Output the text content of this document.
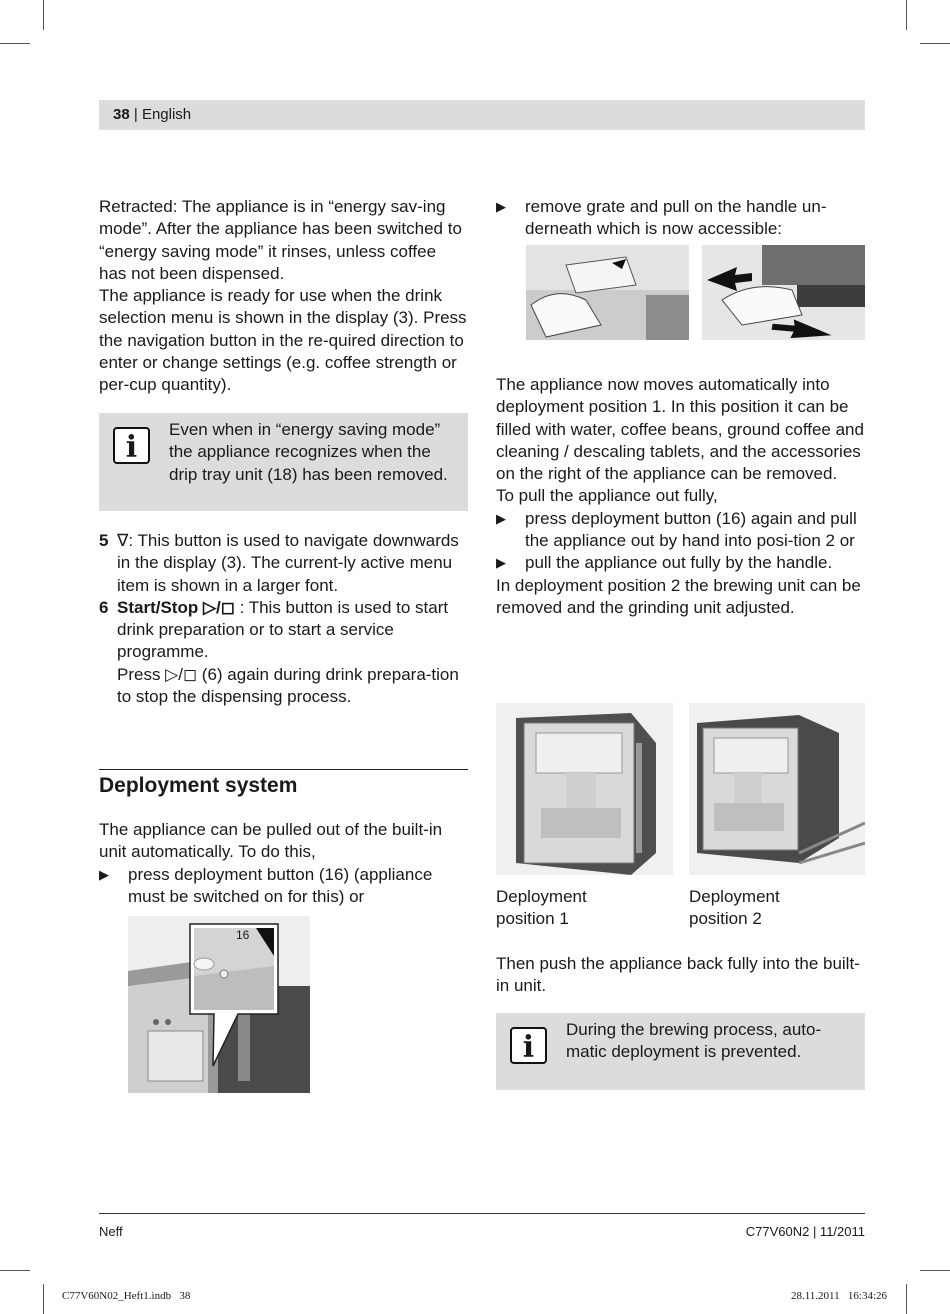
38 | English

Retracted: The appliance is in “energy sav-ing mode”. After the appliance has been switched to “energy saving mode” it rinses, unless coffee has not been dispensed.

The appliance is ready for use when the drink selection menu is shown in the display (3). Press the navigation button in the re-quired direction to enter or change settings (e.g. coffee strength or per-cup quantity).

i
Even when in “energy saving mode” the appliance recognizes when the drip tray unit (18) has been removed.
5 ∇: This button is used to navigate downwards in the display (3). The current-ly active menu item is shown in a larger font.
6 Start/Stop ▷/◻ : This button is used to start drink preparation or to start a service programme.
Press ▷/◻ (6) again during drink prepara-tion to stop the dispensing process.
Deployment system

The appliance can be pulled out of the built-in unit automatically. To do this,

▶ press deployment button (16) (appliance must be switched on for this) or
16
▶ remove grate and pull on the handle un-derneath which is now accessible:

The appliance now moves automatically into deployment position 1. In this position it can be filled with water, coffee beans, ground coffee and cleaning / descaling tablets, and the accessories on the right of the appliance can be removed.

To pull the appliance out fully,

▶ press deployment button (16) again and pull the appliance out by hand into posi-tion 2 or
▶ pull the appliance out fully by the handle.

In deployment position 2 the brewing unit can be removed and the grinding unit adjusted.

Deployment position 1
Deployment position 2
Then push the appliance back fully into the built-in unit.
i
During the brewing process, auto-matic deployment is prevented.
Neff	C77V60N2 | 11/2011
C77V60N02_Heft1.indb   38	28.11.2011   16:34:26
